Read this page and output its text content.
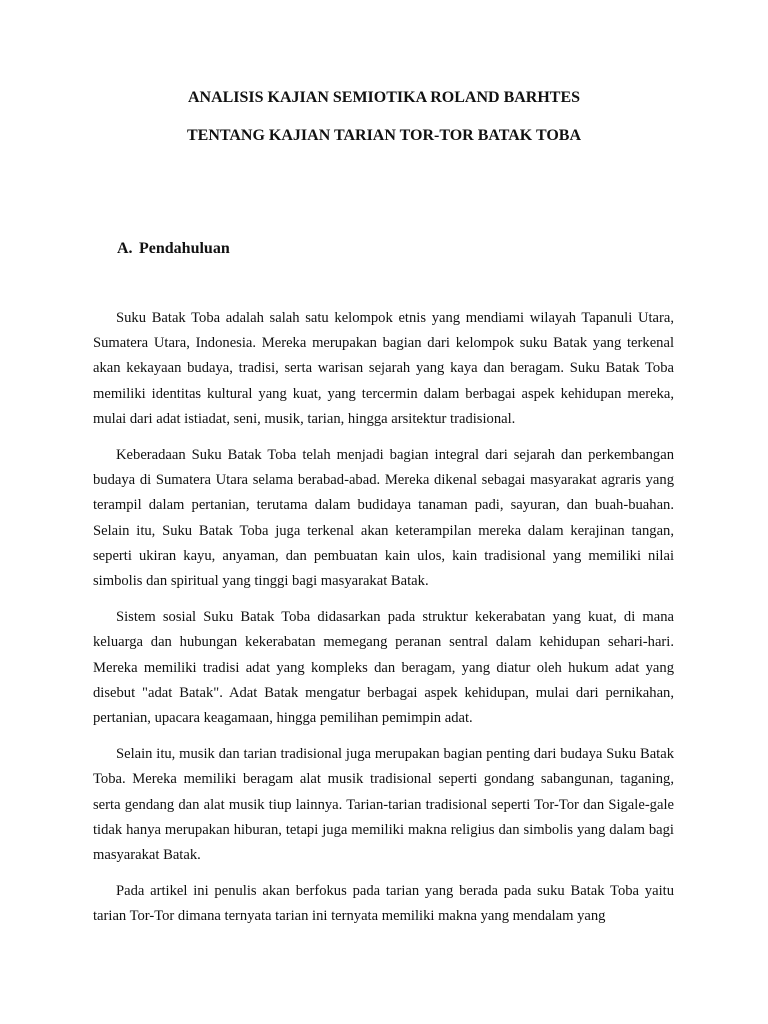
ANALISIS KAJIAN SEMIOTIKA ROLAND BARHTES
TENTANG KAJIAN TARIAN TOR-TOR BATAK TOBA
A. Pendahuluan

Suku Batak Toba adalah salah satu kelompok etnis yang mendiami wilayah Tapanuli Utara, Sumatera Utara, Indonesia. Mereka merupakan bagian dari kelompok suku Batak yang terkenal akan kekayaan budaya, tradisi, serta warisan sejarah yang kaya dan beragam. Suku Batak Toba memiliki identitas kultural yang kuat, yang tercermin dalam berbagai aspek kehidupan mereka, mulai dari adat istiadat, seni, musik, tarian, hingga arsitektur tradisional.

Keberadaan Suku Batak Toba telah menjadi bagian integral dari sejarah dan perkembangan budaya di Sumatera Utara selama berabad-abad. Mereka dikenal sebagai masyarakat agraris yang terampil dalam pertanian, terutama dalam budidaya tanaman padi, sayuran, dan buah-buahan. Selain itu, Suku Batak Toba juga terkenal akan keterampilan mereka dalam kerajinan tangan, seperti ukiran kayu, anyaman, dan pembuatan kain ulos, kain tradisional yang memiliki nilai simbolis dan spiritual yang tinggi bagi masyarakat Batak.

Sistem sosial Suku Batak Toba didasarkan pada struktur kekerabatan yang kuat, di mana keluarga dan hubungan kekerabatan memegang peranan sentral dalam kehidupan sehari-hari. Mereka memiliki tradisi adat yang kompleks dan beragam, yang diatur oleh hukum adat yang disebut "adat Batak". Adat Batak mengatur berbagai aspek kehidupan, mulai dari pernikahan, pertanian, upacara keagamaan, hingga pemilihan pemimpin adat.

Selain itu, musik dan tarian tradisional juga merupakan bagian penting dari budaya Suku Batak Toba. Mereka memiliki beragam alat musik tradisional seperti gondang sabangunan, taganing, serta gendang dan alat musik tiup lainnya. Tarian-tarian tradisional seperti Tor-Tor dan Sigale-gale tidak hanya merupakan hiburan, tetapi juga memiliki makna religius dan simbolis yang dalam bagi masyarakat Batak.

Pada artikel ini penulis akan berfokus pada tarian yang berada pada suku Batak Toba yaitu tarian Tor-Tor dimana ternyata tarian ini ternyata memiliki makna yang mendalam yang
